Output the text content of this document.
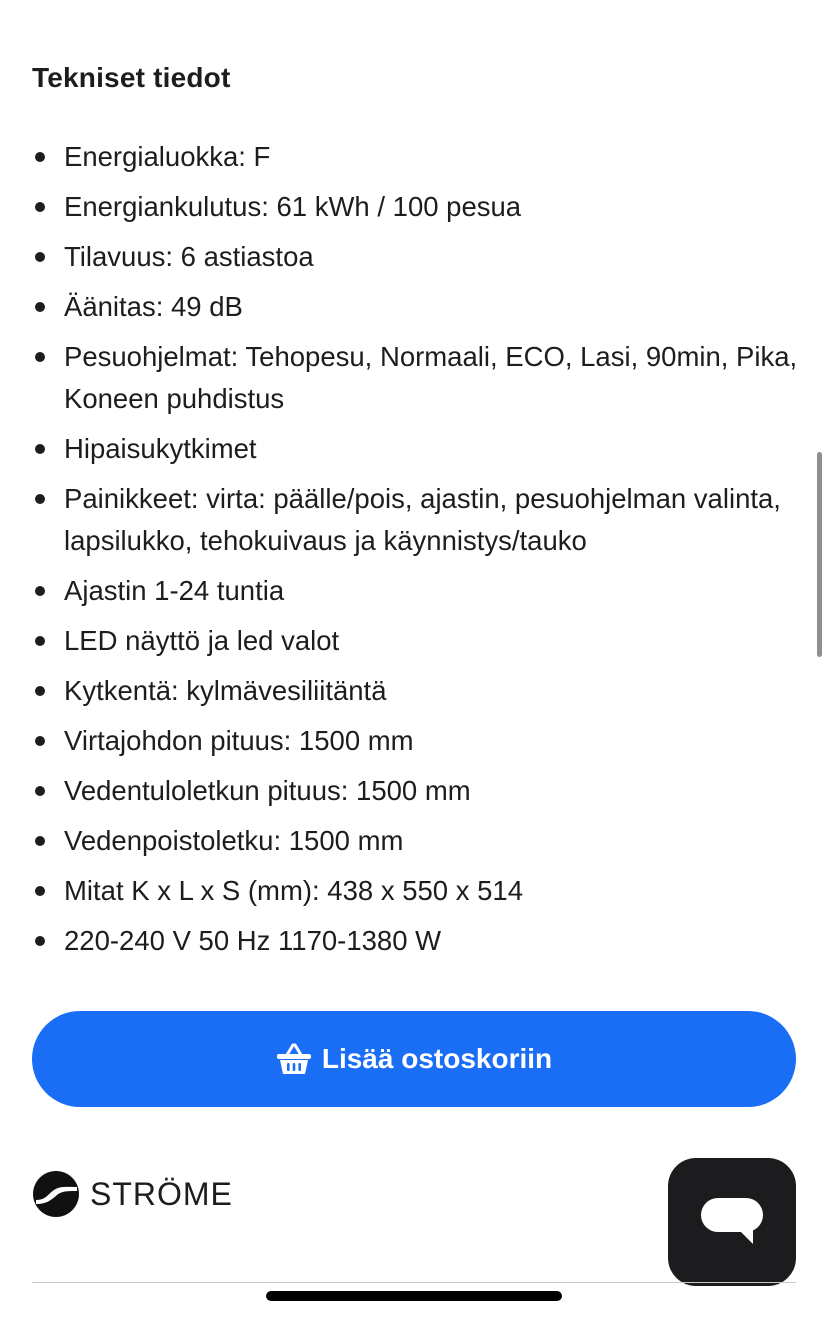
Tekniset tiedot
Energialuokka: F
Energiankulutus: 61 kWh / 100 pesua
Tilavuus: 6 astiastoa
Äänitas: 49 dB
Pesuohjelmat: Tehopesu, Normaali, ECO, Lasi, 90min, Pika, Koneen puhdistus
Hipaisukytkimet
Painikkeet: virta: päälle/pois, ajastin, pesuohjelman valinta, lapsilukko, tehokuivaus ja käynnistys/tauko
Ajastin 1-24 tuntia
LED näyttö ja led valot
Kytkentä: kylmävesiliitäntä
Virtajohdon pituus: 1500 mm
Vedentuloletkun pituus: 1500 mm
Vedenpoistoletku: 1500 mm
Mitat K x L x S (mm): 438 x 550 x 514
220-240 V 50 Hz 1170-1380 W
Lisää ostoskoriin
STRÖME
